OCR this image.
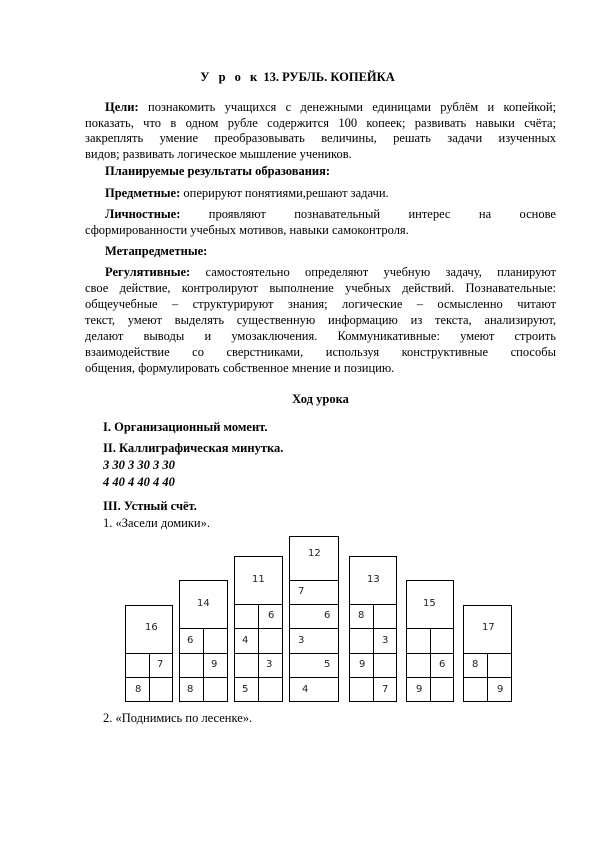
У р о к 13. РУБЛЬ. КОПЕЙКА
Цели: познакомить учащихся с денежными единицами рублём и копейкой;
показать, что в одном рубле содержится 100 копеек; развивать навыки счёта;
закреплять умение преобразовывать величины, решать задачи изученных
видов; развивать логическое мышление учеников.
Планируемые результаты образования:
Предметные: оперируют понятиями,решают задачи.
Личностные: проявляют познавательный интерес на основе
сформированности учебных мотивов, навыки самоконтроля.
Метапредметные:
Регулятивные: самостоятельно определяют учебную задачу, планируют
свое действие, контролируют выполнение учебных действий. Познавательные:
общеучебные – структурируют знания; логические – осмысленно читают
текст, умеют выделять существенную информацию из текста, анализируют,
делают выводы и умозаключения. Коммуникативные: умеют строить
взаимодействие со сверстниками, используя конструктивные способы
общения, формулировать собственное мнение и позицию.
Ход урока
I. Организационный момент.
II. Каллиграфическая минутка.
3 30 3 30 3 30
4 40 4 40 4 40
III. Устный счёт.
1. «Засели домики».
16
7
8
14
6
9
8
11
6
4
3
5
12
7
6
3
5
4
13
8
3
9
7
15
6
9
17
8
9
2. «Поднимись по лесенке».
